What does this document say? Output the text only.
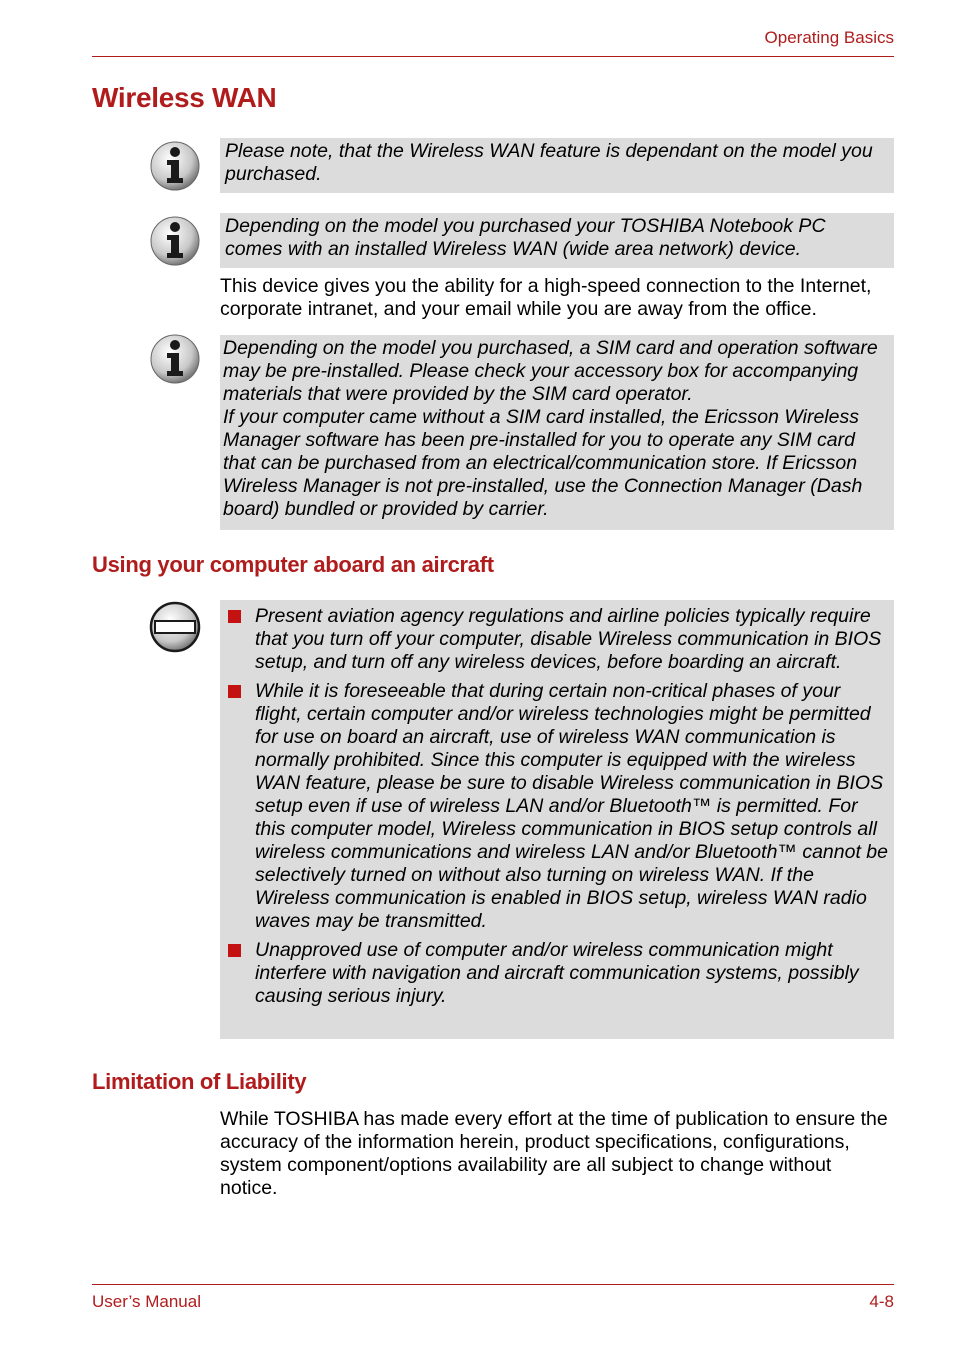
Operating Basics
Wireless WAN

Please note, that the Wireless WAN feature is dependant on the model you purchased.

Depending on the model you purchased your TOSHIBA Notebook PC comes with an installed Wireless WAN (wide area network) device.

This device gives you the ability for a high-speed connection to the Internet, corporate intranet, and your email while you are away from the office.

Depending on the model you purchased, a SIM card and operation software may be pre-installed. Please check your accessory box for accompanying materials that were provided by the SIM card operator.

If your computer came without a SIM card installed, the Ericsson Wireless Manager software has been pre-installed for you to operate any SIM card that can be purchased from an electrical/communication store. If Ericsson Wireless Manager is not pre-installed, use the Connection Manager (Dash board) bundled or provided by carrier.

Using your computer aboard an aircraft
Present aviation agency regulations and airline policies typically require that you turn off your computer, disable Wireless communication in BIOS setup, and turn off any wireless devices, before boarding an aircraft.
While it is foreseeable that during certain non-critical phases of your flight, certain computer and/or wireless technologies might be permitted for use on board an aircraft, use of wireless WAN communication is normally prohibited. Since this computer is equipped with the wireless WAN feature, please be sure to disable Wireless communication in BIOS setup even if use of wireless LAN and/or Bluetooth™ is permitted. For this computer model, Wireless communication in BIOS setup controls all wireless communications and wireless LAN and/or Bluetooth™ cannot be selectively turned on without also turning on wireless WAN. If the Wireless communication is enabled in BIOS setup, wireless WAN radio waves may be transmitted.
Unapproved use of computer and/or wireless communication might interfere with navigation and aircraft communication systems, possibly causing serious injury.
Limitation of Liability

While TOSHIBA has made every effort at the time of publication to ensure the accuracy of the information herein, product specifications, configurations, system component/options availability are all subject to change without notice.

User’s Manual	4-8
